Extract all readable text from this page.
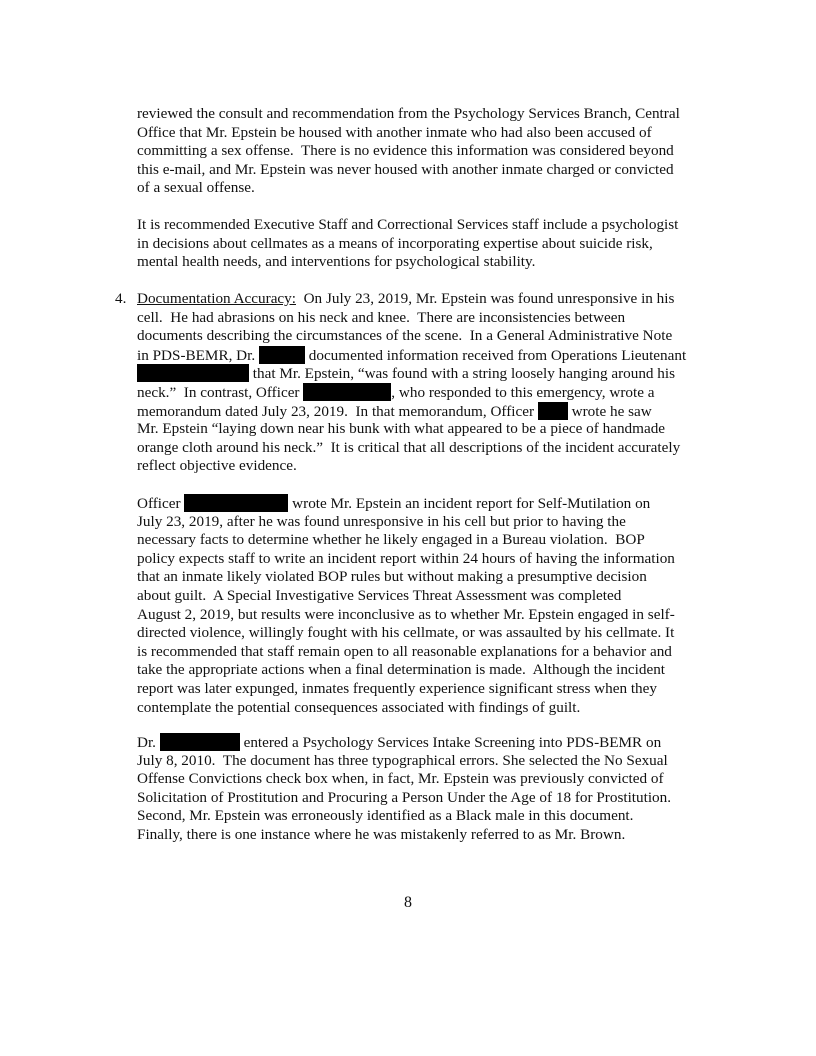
reviewed the consult and recommendation from the Psychology Services Branch, Central
Office that Mr. Epstein be housed with another inmate who had also been accused of
committing a sex offense.  There is no evidence this information was considered beyond
this e-mail, and Mr. Epstein was never housed with another inmate charged or convicted
of a sexual offense.
It is recommended Executive Staff and Correctional Services staff include a psychologist
in decisions about cellmates as a means of incorporating expertise about suicide risk,
mental health needs, and interventions for psychological stability.
4. Documentation Accuracy:  On July 23, 2019, Mr. Epstein was found unresponsive in his
cell.  He had abrasions on his neck and knee.  There are inconsistencies between
documents describing the circumstances of the scene.  In a General Administrative Note
in PDS-BEMR, Dr.	documented information received from Operations Lieutenant
that Mr. Epstein, “was found with a string loosely hanging around his
neck.”  In contrast, Officer	, who responded to this emergency, wrote a
memorandum dated July 23, 2019.  In that memorandum, Officer  wrote he saw
Mr. Epstein “laying down near his bunk with what appeared to be a piece of handmade
orange cloth around his neck.”  It is critical that all descriptions of the incident accurately
reflect objective evidence.
Officer	wrote Mr. Epstein an incident report for Self-Mutilation on
July 23, 2019, after he was found unresponsive in his cell but prior to having the
necessary facts to determine whether he likely engaged in a Bureau violation.  BOP
policy expects staff to write an incident report within 24 hours of having the information
that an inmate likely violated BOP rules but without making a presumptive decision
about guilt.  A Special Investigative Services Threat Assessment was completed
August 2, 2019, but results were inconclusive as to whether Mr. Epstein engaged in self-
directed violence, willingly fought with his cellmate, or was assaulted by his cellmate. It
is recommended that staff remain open to all reasonable explanations for a behavior and
take the appropriate actions when a final determination is made.  Although the incident
report was later expunged, inmates frequently experience significant stress when they
contemplate the potential consequences associated with findings of guilt.
Dr.	entered a Psychology Services Intake Screening into PDS-BEMR on
July 8, 2010.  The document has three typographical errors. She selected the No Sexual
Offense Convictions check box when, in fact, Mr. Epstein was previously convicted of
Solicitation of Prostitution and Procuring a Person Under the Age of 18 for Prostitution.
Second, Mr. Epstein was erroneously identified as a Black male in this document.
Finally, there is one instance where he was mistakenly referred to as Mr. Brown.
8
